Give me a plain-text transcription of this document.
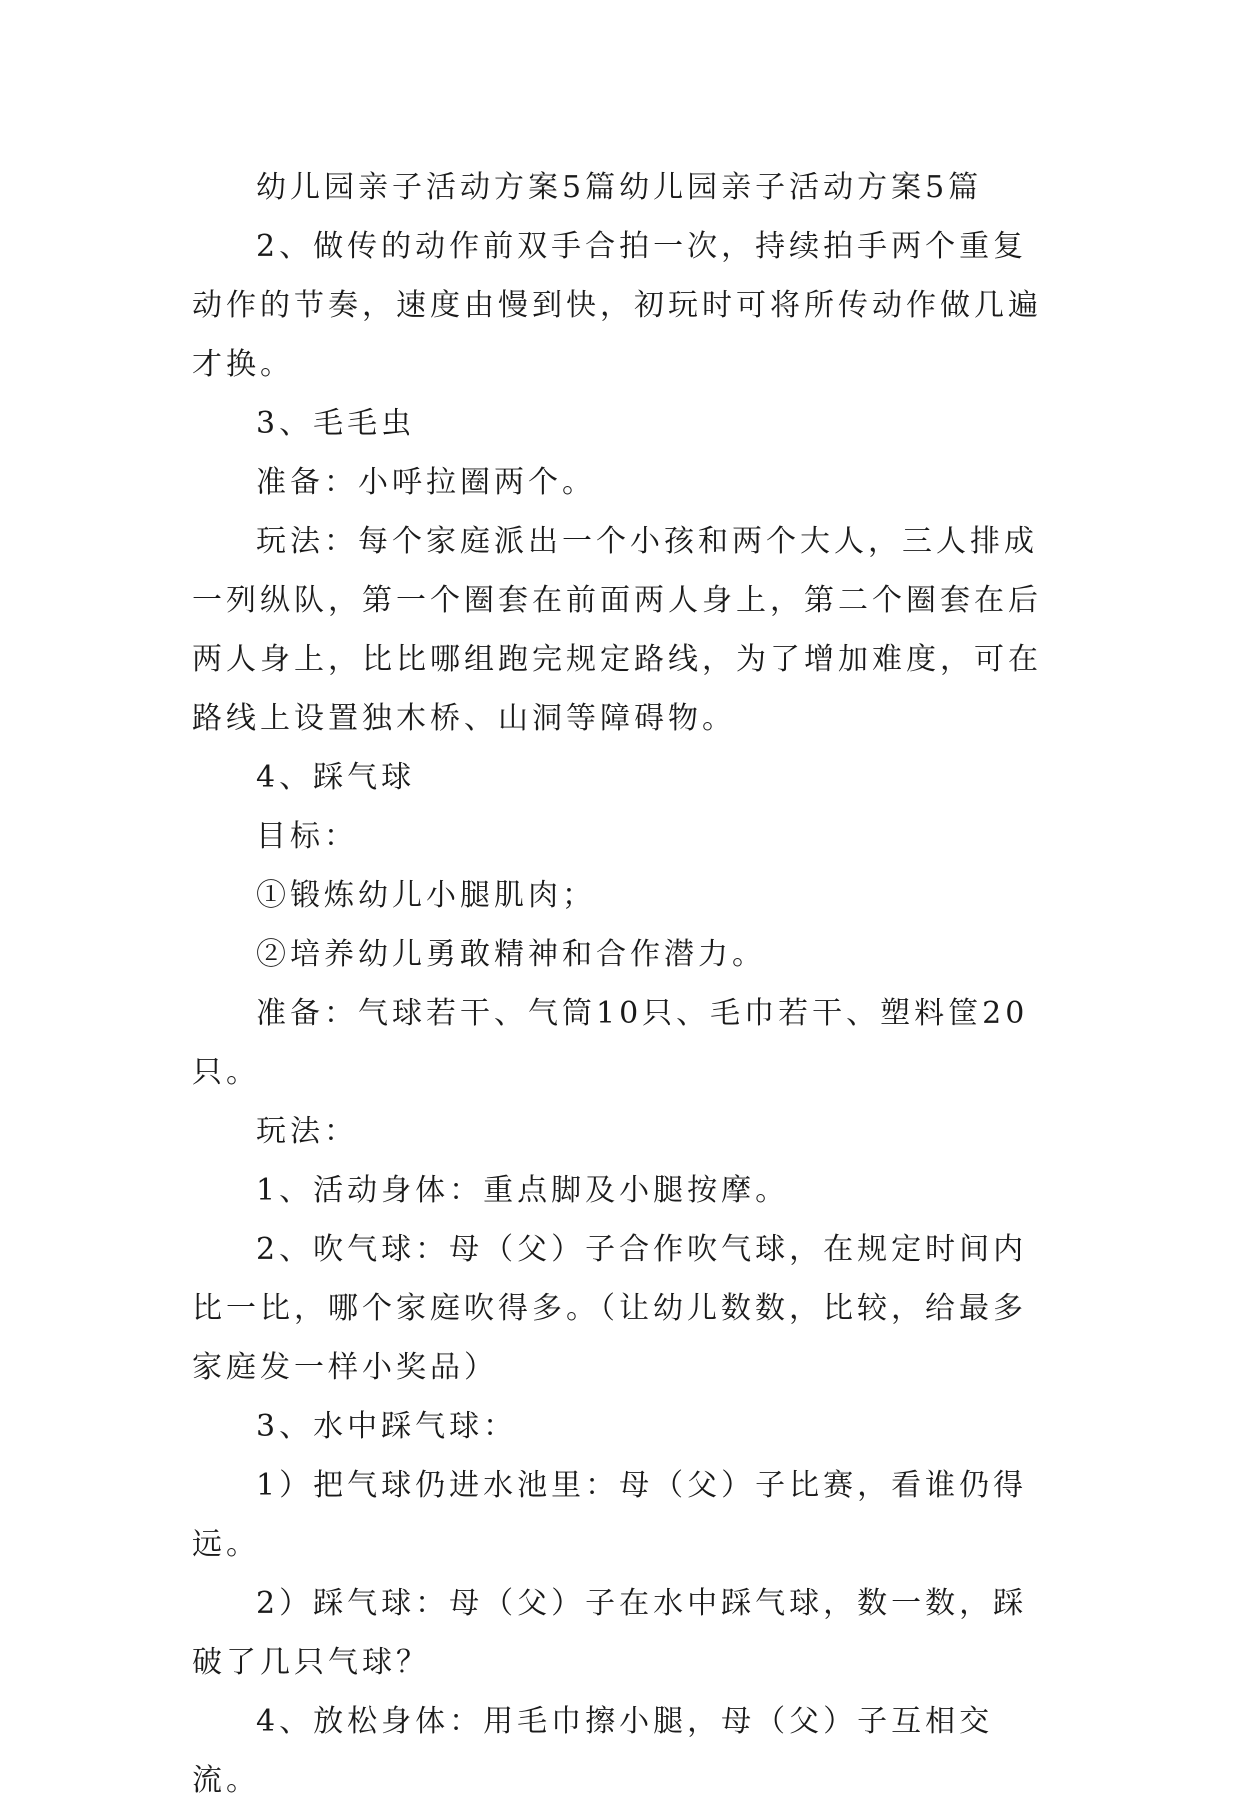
幼儿园亲子活动方案5篇幼儿园亲子活动方案5篇

2、做传的动作前双手合拍一次，持续拍手两个重复动作的节奏，速度由慢到快，初玩时可将所传动作做几遍才换。

3、毛毛虫

准备：小呼拉圈两个。

玩法：每个家庭派出一个小孩和两个大人，三人排成一列纵队，第一个圈套在前面两人身上，第二个圈套在后两人身上，比比哪组跑完规定路线，为了增加难度，可在路线上设置独木桥、山洞等障碍物。

4、踩气球

目标：

①锻炼幼儿小腿肌肉；

②培养幼儿勇敢精神和合作潜力。

准备：气球若干、气筒10只、毛巾若干、塑料筐20只。

玩法：

1、活动身体：重点脚及小腿按摩。

2、吹气球：母（父）子合作吹气球，在规定时间内比一比，哪个家庭吹得多。（让幼儿数数，比较，给最多家庭发一样小奖品）

3、水中踩气球：

1）把气球仍进水池里：母（父）子比赛，看谁仍得远。

2）踩气球：母（父）子在水中踩气球，数一数，踩破了几只气球？

4、放松身体：用毛巾擦小腿，母（父）子互相交流。
